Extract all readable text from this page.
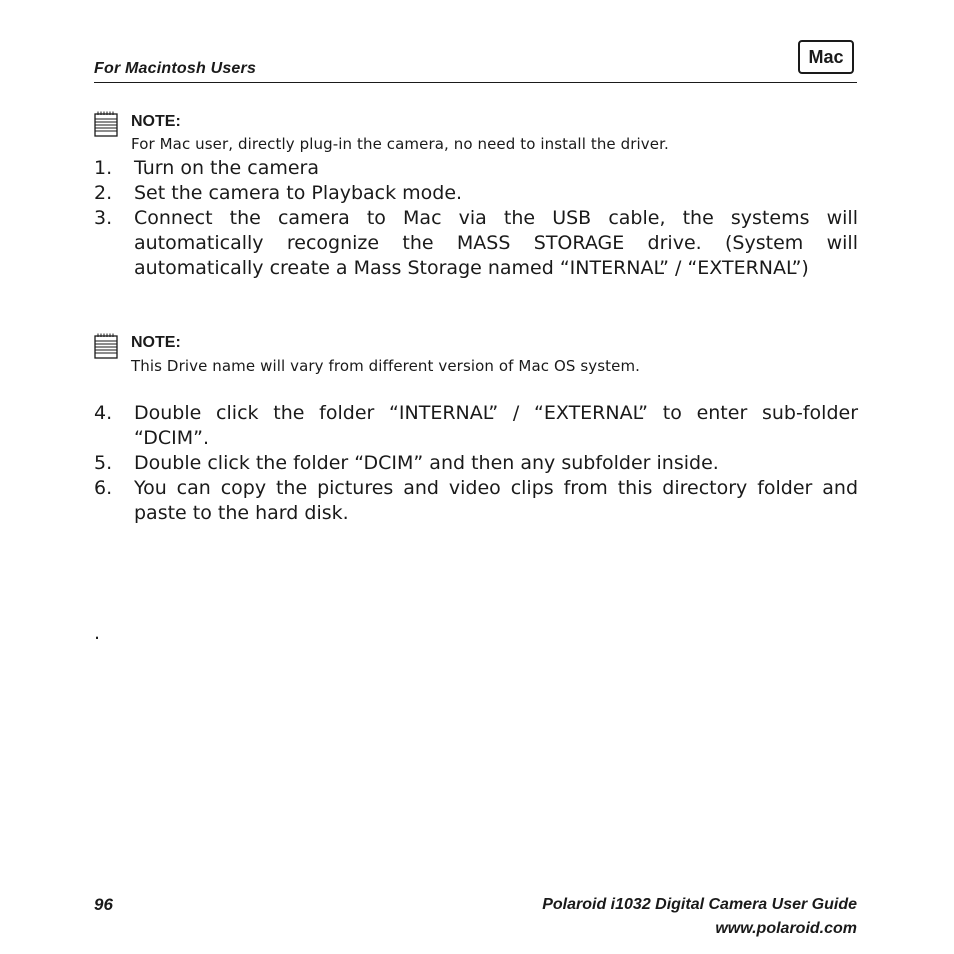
For Macintosh Users
Mac
NOTE:
For Mac user, directly plug-in the camera, no need to install the driver.
1. Turn on the camera
2. Set the camera to Playback mode.
3. Connect the camera to Mac via the USB cable, the systems will automatically recognize the MASS STORAGE drive. (System will automatically create a Mass Storage named “INTERNAL” / “EXTERNAL”)
NOTE:
This Drive name will vary from different version of Mac OS system.
4. Double click the folder “INTERNAL” / “EXTERNAL” to enter sub-folder “DCIM”.
5. Double click the folder “DCIM” and then any subfolder inside.
6. You can copy the pictures and video clips from this directory folder and paste to the hard disk.
.
96	Polaroid i1032 Digital Camera User Guide
www.polaroid.com
